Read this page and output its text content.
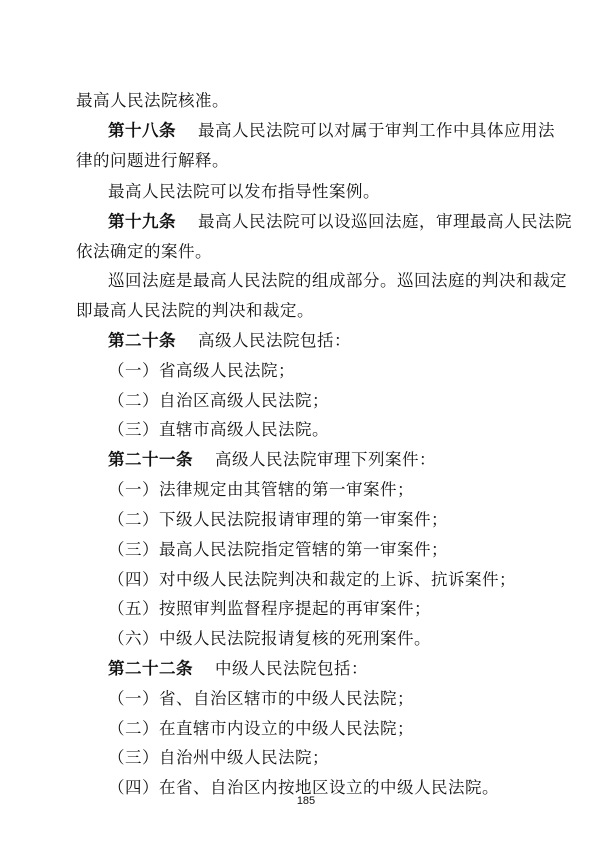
最高人民法院核准。
第十八条 最高人民法院可以对属于审判工作中具体应用法
律的问题进行解释。
最高人民法院可以发布指导性案例。
第十九条 最高人民法院可以设巡回法庭，审理最高人民法院
依法确定的案件。
巡回法庭是最高人民法院的组成部分。巡回法庭的判决和裁定
即最高人民法院的判决和裁定。
第二十条 高级人民法院包括：
（一）省高级人民法院；
（二）自治区高级人民法院；
（三）直辖市高级人民法院。
第二十一条 高级人民法院审理下列案件：
（一）法律规定由其管辖的第一审案件；
（二）下级人民法院报请审理的第一审案件；
（三）最高人民法院指定管辖的第一审案件；
（四）对中级人民法院判决和裁定的上诉、抗诉案件；
（五）按照审判监督程序提起的再审案件；
（六）中级人民法院报请复核的死刑案件。
第二十二条 中级人民法院包括：
（一）省、自治区辖市的中级人民法院；
（二）在直辖市内设立的中级人民法院；
（三）自治州中级人民法院；
（四）在省、自治区内按地区设立的中级人民法院。
185
